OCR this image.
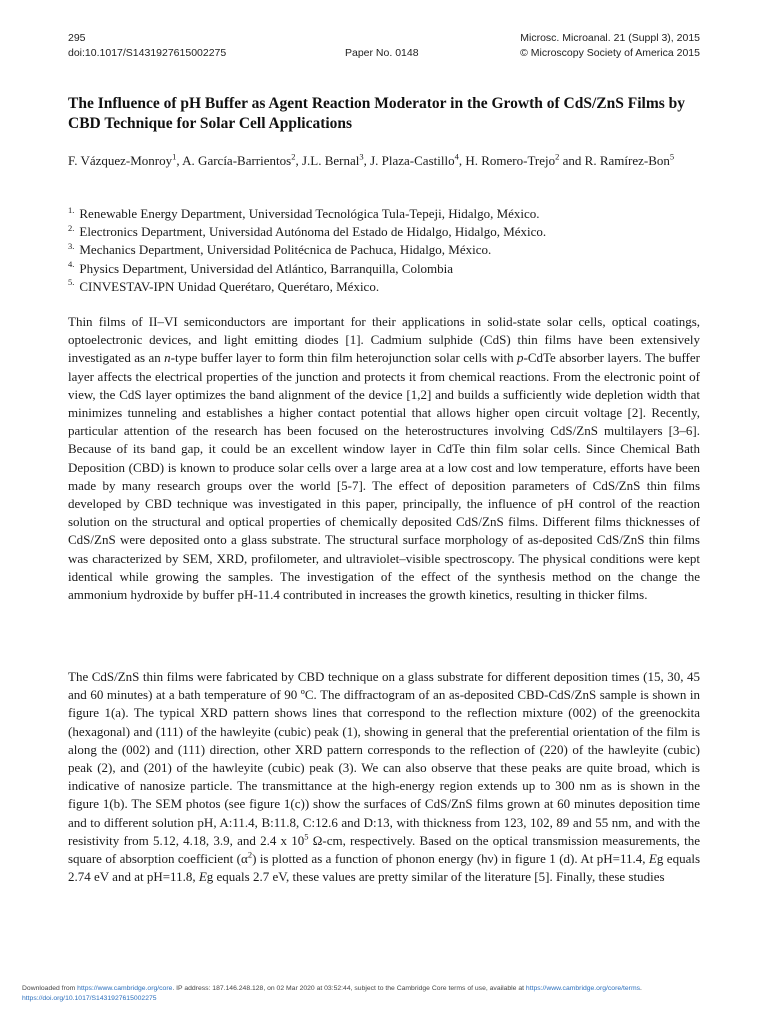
295
doi:10.1017/S1431927615002275	Paper No. 0148
Microsc. Microanal. 21 (Suppl 3), 2015
© Microscopy Society of America 2015
The Influence of pH Buffer as Agent Reaction Moderator in the Growth of CdS/ZnS Films by CBD Technique for Solar Cell Applications
F. Vázquez-Monroy$^1$, A. García-Barrientos$^2$, J.L. Bernal$^3$, J. Plaza-Castillo$^4$, H. Romero-Trejo$^2$ and R. Ramírez-Bon$^5$
$^{1.}$ Renewable Energy Department, Universidad Tecnológica Tula-Tepeji, Hidalgo, México.
$^{2.}$ Electronics Department, Universidad Autónoma del Estado de Hidalgo, Hidalgo, México.
$^{3.}$ Mechanics Department, Universidad Politécnica de Pachuca, Hidalgo, México.
$^{4.}$ Physics Department, Universidad del Atlántico, Barranquilla, Colombia
$^{5.}$ CINVESTAV-IPN Unidad Querétaro, Querétaro, México.

Thin films of II–VI semiconductors are important for their applications in solid-state solar cells, optical coatings, optoelectronic devices, and light emitting diodes [1]. Cadmium sulphide (CdS) thin films have been extensively investigated as an n-type buffer layer to form thin film heterojunction solar cells with p-CdTe absorber layers. The buffer layer affects the electrical properties of the junction and protects it from chemical reactions. From the electronic point of view, the CdS layer optimizes the band alignment of the device [1,2] and builds a sufficiently wide depletion width that minimizes tunneling and establishes a higher contact potential that allows higher open circuit voltage [2]. Recently, particular attention of the research has been focused on the heterostructures involving CdS/ZnS multilayers [3–6]. Because of its band gap, it could be an excellent window layer in CdTe thin film solar cells. Since Chemical Bath Deposition (CBD) is known to produce solar cells over a large area at a low cost and low temperature, efforts have been made by many research groups over the world [5-7]. The effect of deposition parameters of CdS/ZnS thin films developed by CBD technique was investigated in this paper, principally, the influence of pH control of the reaction solution on the structural and optical properties of chemically deposited CdS/ZnS films. Different films thicknesses of CdS/ZnS were deposited onto a glass substrate. The structural surface morphology of as-deposited CdS/ZnS thin films was characterized by SEM, XRD, profilometer, and ultraviolet–visible spectroscopy. The physical conditions were kept identical while growing the samples. The investigation of the effect of the synthesis method on the change the ammonium hydroxide by buffer pH-11.4 contributed in increases the growth kinetics, resulting in thicker films.

The CdS/ZnS thin films were fabricated by CBD technique on a glass substrate for different deposition times (15, 30, 45 and 60 minutes) at a bath temperature of 90 ºC. The diffractogram of an as-deposited CBD-CdS/ZnS sample is shown in figure 1(a). The typical XRD pattern shows lines that correspond to the reflection mixture (002) of the greenockita (hexagonal) and (111) of the hawleyite (cubic) peak (1), showing in general that the preferential orientation of the film is along the (002) and (111) direction, other XRD pattern corresponds to the reflection of (220) of the hawleyite (cubic) peak (2), and (201) of the hawleyite (cubic) peak (3). We can also observe that these peaks are quite broad, which is indicative of nanosize particle. The transmittance at the high-energy region extends up to 300 nm as is shown in the figure 1(b). The SEM photos (see figure 1(c)) show the surfaces of CdS/ZnS films grown at 60 minutes deposition time and to different solution pH, A:11.4, B:11.8, C:12.6 and D:13, with thickness from 123, 102, 89 and 55 nm, and with the resistivity from 5.12, 4.18, 3.9, and 2.4 x $10^5$ Ω-cm, respectively. Based on the optical transmission measurements, the square of absorption coefficient $(\alpha^2)$ is plotted as a function of phonon energy (hν) in figure 1 (d). At pH=11.4, Eg equals 2.74 eV and at pH=11.8, Eg equals 2.7 eV, these values are pretty similar of the literature [5]. Finally, these studies

Downloaded from https://www.cambridge.org/core. IP address: 187.146.248.128, on 02 Mar 2020 at 03:52:44, subject to the Cambridge Core terms of use, available at https://www.cambridge.org/core/terms.
https://doi.org/10.1017/S1431927615002275
